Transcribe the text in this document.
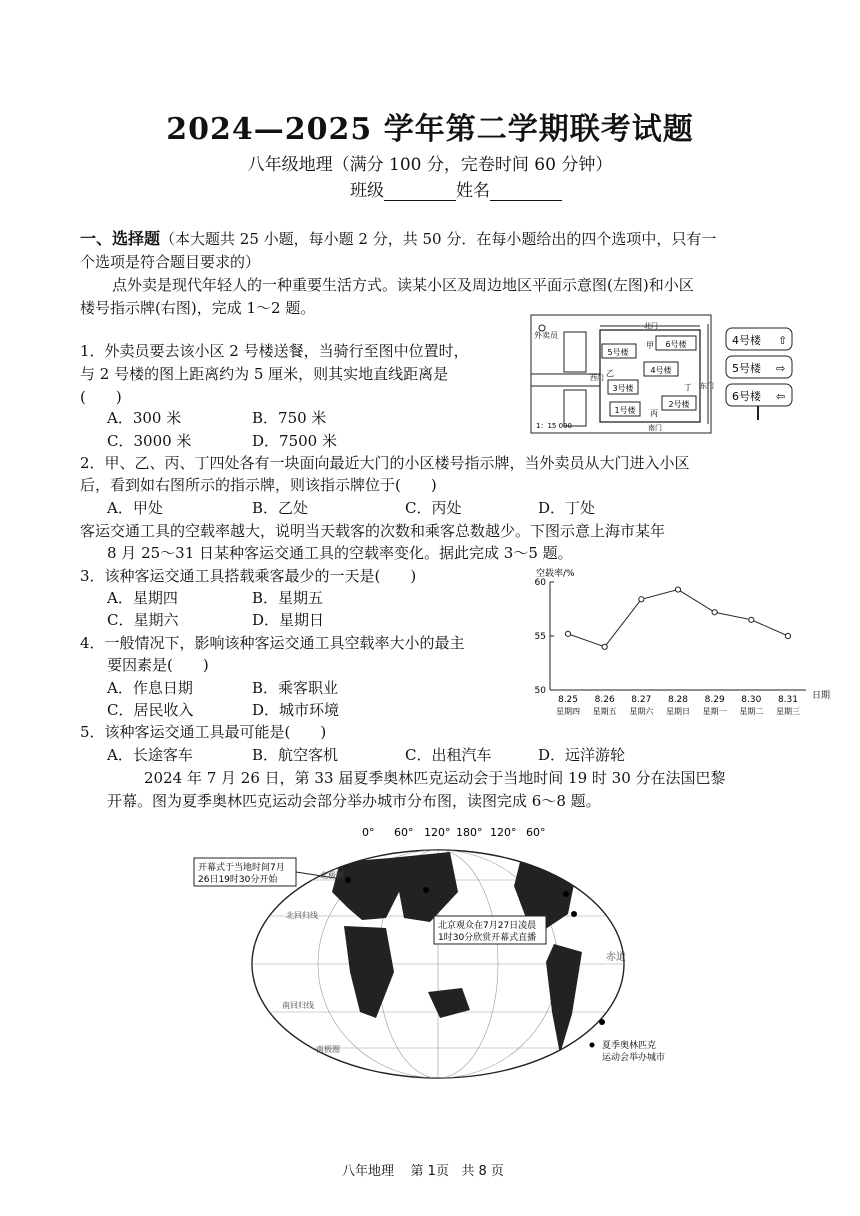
2024—2025 学年第二学期联考试题
八年级地理（满分 100 分，完卷时间 60 分钟）
班级	姓名
一、选择题（本大题共 25 小题，每小题 2 分，共 50 分．在每小题给出的四个选项中，只有一
个选项是符合题目要求的）
点外卖是现代年轻人的一种重要生活方式。读某小区及周边地区平面示意图(左图)和小区
楼号指示牌(右图)，完成 1～2 题。
1．外卖员要去该小区 2 号楼送餐，当骑行至图中位置时，
与 2 号楼的图上距离约为 5 厘米，则其实地直线距离是
(　　)
A．300 米	B．750 米
C．3000 米	D．7500 米
5号楼
6号楼
4号楼
3号楼
1号楼
2号楼
外卖员
北门
南门
西门
东门
甲
丁
丙
乙
1：15 000
4号楼
5号楼
6号楼
⇧
⇨
⇦
2．甲、乙、丙、丁四处各有一块面向最近大门的小区楼号指示牌，当外卖员从大门进入小区
后，看到如右图所示的指示牌，则该指示牌位于(　　)
A．甲处	B．乙处	C．丙处	D．丁处
客运交通工具的空载率越大，说明当天载客的次数和乘客总数越少。下图示意上海市某年
8 月 25～31 日某种客运交通工具的空载率变化。据此完成 3～5 题。
3．该种客运交通工具搭载乘客最少的一天是(　　)
A．星期四	B．星期五
C．星期六	D．星期日
4．一般情况下，影响该种客运交通工具空载率大小的最主
要因素是(　　)
A．作息日期	B．乘客职业
C．居民收入	D．城市环境
5．该种客运交通工具最可能是(　　)
A．长途客车	B．航空客机	C．出租汽车	D．远洋游轮
空载率/%
日期
50
55
60
8.25
星期四
8.26
星期五
8.27
星期六
8.28
星期日
8.29
星期一
8.30
星期二
8.31
星期三
2024 年 7 月 26 日，第 33 届夏季奥林匹克运动会于当地时间 19 时 30 分在法国巴黎
开幕。图为夏季奥林匹克运动会部分举办城市分布图，读图完成 6～8 题。
0° 60° 120° 180° 120° 60°
开幕式于当地时间7月
26日19时30分开始
北京观众在7月27日凌晨
1时30分欣赏开幕式直播
北极圈
北回归线
赤道
南回归线
南极圈	夏季奥林匹克
运动会举办城市
八年地理 第 1页 共 8 页
